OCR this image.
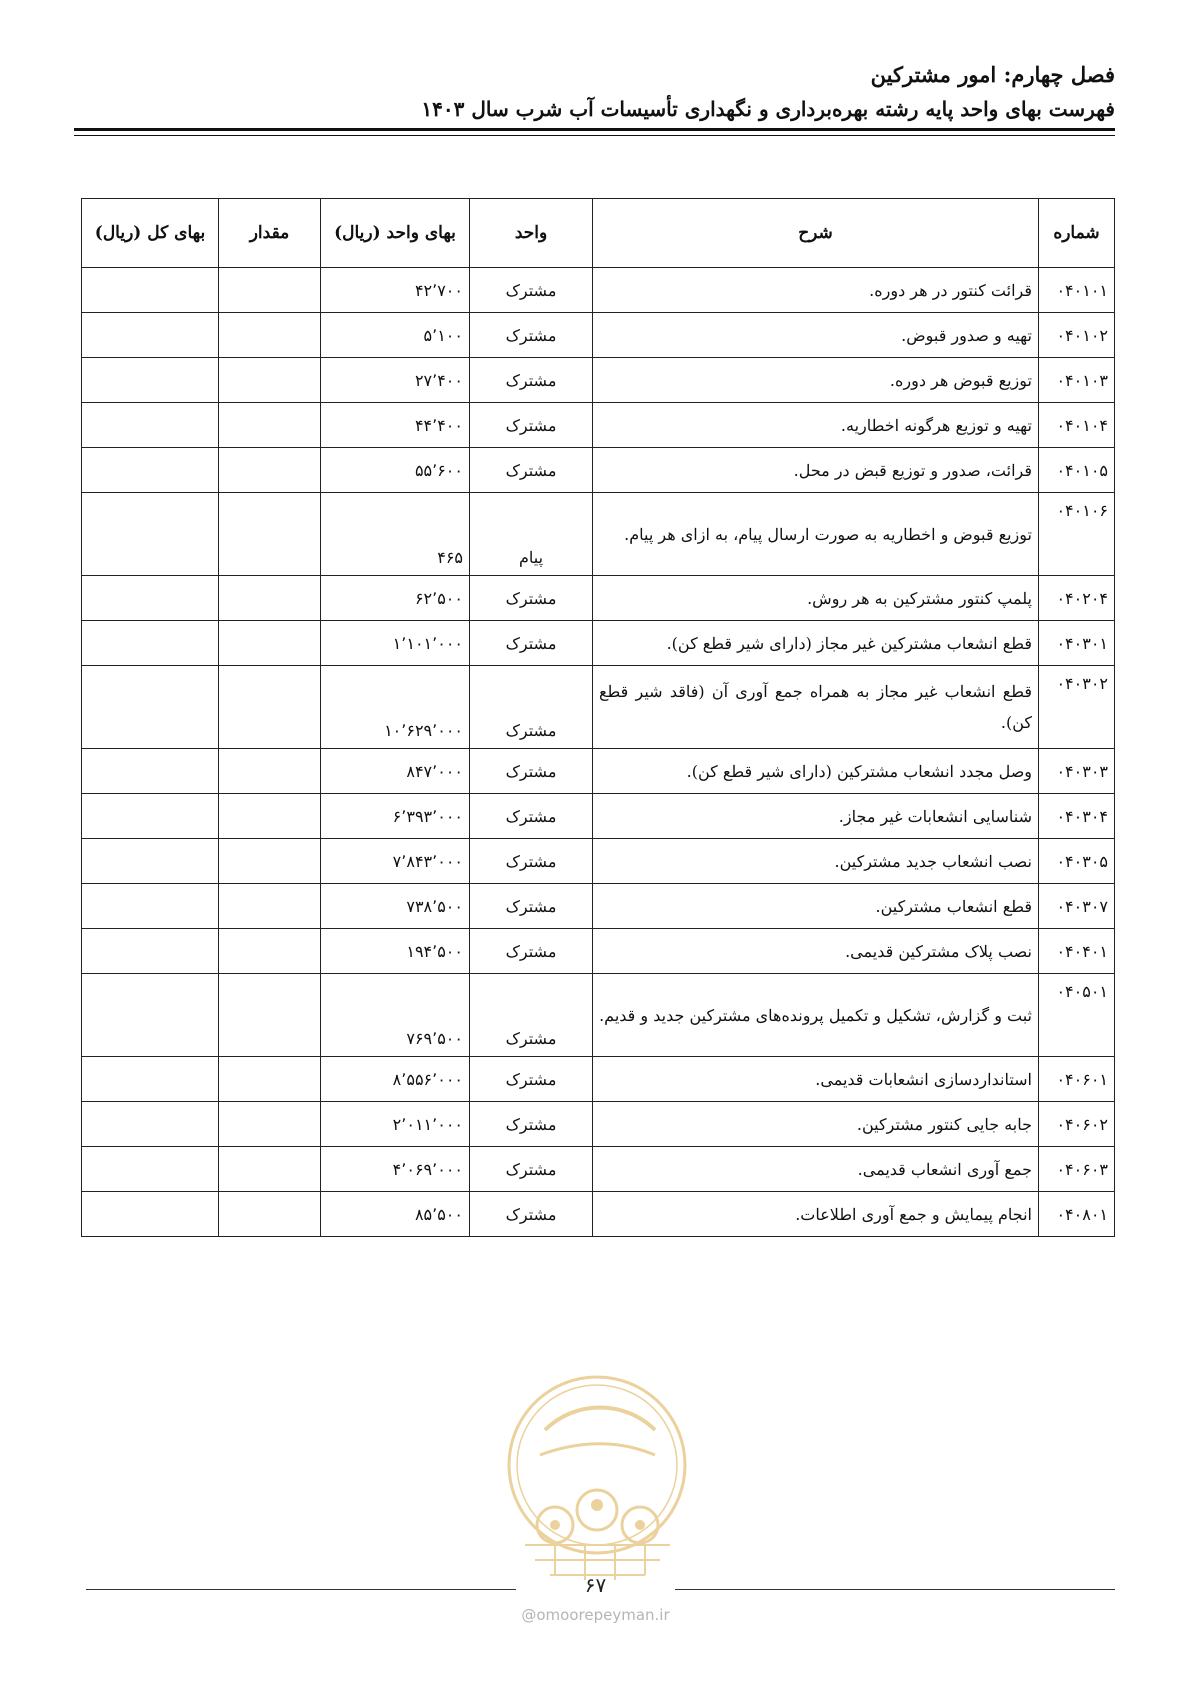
فصل چهارم: امور مشترکین
فهرست بهای واحد پایه رشته بهره‌برداری و نگهداری تأسیسات آب شرب سال ۱۴۰۳
شماره	شرح	واحد	بهای واحد (ریال)	مقدار	بهای کل (ریال)
۰۴۰۱۰۱	قرائت کنتور در هر دوره.	مشترک	۴۲٬۷۰۰		
۰۴۰۱۰۲	تهیه و صدور قبوض.	مشترک	۵٬۱۰۰		
۰۴۰۱۰۳	توزیع قبوض هر دوره.	مشترک	۲۷٬۴۰۰		
۰۴۰۱۰۴	تهیه و توزیع هرگونه اخطاریه.	مشترک	۴۴٬۴۰۰		
۰۴۰۱۰۵	قرائت، صدور و توزیع قبض در محل.	مشترک	۵۵٬۶۰۰		
۰۴۰۱۰۶	توزیع قبوض و اخطاریه به صورت ارسال پیام، به ازای هر پیام.	پیام	۴۶۵		
۰۴۰۲۰۴	پلمپ کنتور مشترکین به هر روش.	مشترک	۶۲٬۵۰۰		
۰۴۰۳۰۱	قطع انشعاب مشترکین غیر مجاز (دارای شیر قطع کن).	مشترک	۱٬۱۰۱٬۰۰۰		
۰۴۰۳۰۲	قطع انشعاب غیر مجاز به همراه جمع آوری آن (فاقد شیر قطع کن).	مشترک	۱۰٬۶۲۹٬۰۰۰		
۰۴۰۳۰۳	وصل مجدد انشعاب مشترکین (دارای شیر قطع کن).	مشترک	۸۴۷٬۰۰۰		
۰۴۰۳۰۴	شناسایی انشعابات غیر مجاز.	مشترک	۶٬۳۹۳٬۰۰۰		
۰۴۰۳۰۵	نصب انشعاب جدید مشترکین.	مشترک	۷٬۸۴۳٬۰۰۰		
۰۴۰۳۰۷	قطع انشعاب مشترکین.	مشترک	۷۳۸٬۵۰۰		
۰۴۰۴۰۱	نصب پلاک مشترکین قدیمی.	مشترک	۱۹۴٬۵۰۰		
۰۴۰۵۰۱	ثبت و گزارش، تشکیل و تکمیل پرونده‌های مشترکین جدید و قدیم.	مشترک	۷۶۹٬۵۰۰		
۰۴۰۶۰۱	استانداردسازی انشعابات قدیمی.	مشترک	۸٬۵۵۶٬۰۰۰		
۰۴۰۶۰۲	جابه جایی کنتور مشترکین.	مشترک	۲٬۰۱۱٬۰۰۰		
۰۴۰۶۰۳	جمع آوری انشعاب قدیمی.	مشترک	۴٬۰۶۹٬۰۰۰		
۰۴۰۸۰۱	انجام پیمایش و جمع آوری اطلاعات.	مشترک	۸۵٬۵۰۰		
۶۷
@omoorepeyman.ir
